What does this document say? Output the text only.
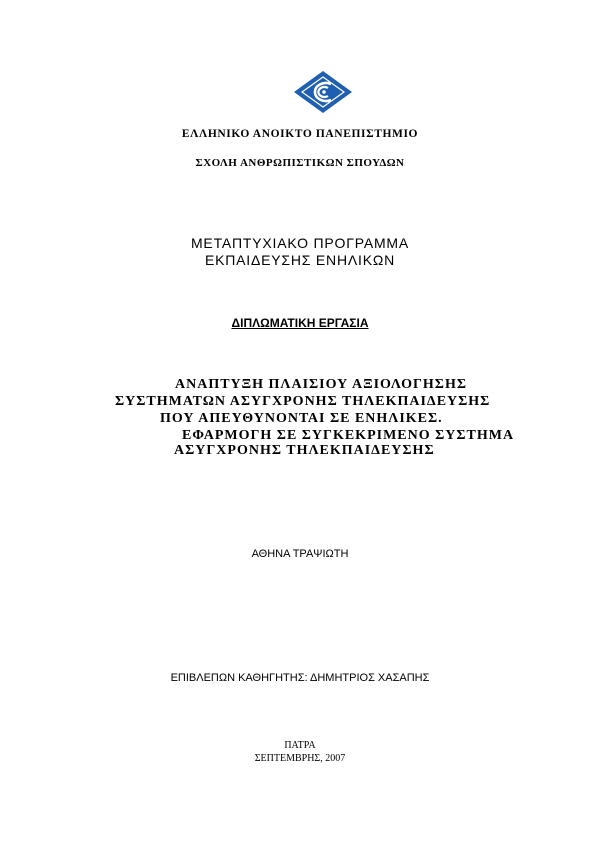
ΕΛΛΗΝΙΚΟ ΑΝΟΙΚΤΟ ΠΑΝΕΠΙΣΤΗΜΙΟ
ΣΧΟΛΗ ΑΝΘΡΩΠΙΣΤΙΚΩΝ ΣΠΟΥΔΩΝ
ΜΕΤΑΠΤΥΧΙΑΚΟ ΠΡΟΓΡΑΜΜΑ
ΕΚΠΑΙΔΕΥΣΗΣ ΕΝΗΛΙΚΩΝ
ΔΙΠΛΩΜΑΤΙΚΗ ΕΡΓΑΣΙΑ
ΑΝΑΠΤΥΞΗ ΠΛΑΙΣΙΟΥ ΑΞΙΟΛΟΓΗΣΗΣ
ΣΥΣΤΗΜΑΤΩΝ ΑΣΥΓΧΡΟΝΗΣ ΤΗΛΕΚΠΑΙΔΕΥΣΗΣ
ΠΟΥ ΑΠΕΥΘΥΝΟΝΤΑΙ ΣΕ ΕΝΗΛΙΚΕΣ.
ΕΦΑΡΜΟΓΗ ΣΕ ΣΥΓΚΕΚΡΙΜΕΝΟ ΣΥΣΤΗΜΑ
ΑΣΥΓΧΡΟΝΗΣ ΤΗΛΕΚΠΑΙΔΕΥΣΗΣ
ΑΘΗΝΑ ΤΡΑΨΙΩΤΗ
ΕΠΙΒΛΕΠΩΝ ΚΑΘΗΓΗΤΗΣ: ΔΗΜΗΤΡΙΟΣ ΧΑΣΑΠΗΣ
ΠΑΤΡΑ
ΣΕΠΤΕΜΒΡΗΣ, 2007
